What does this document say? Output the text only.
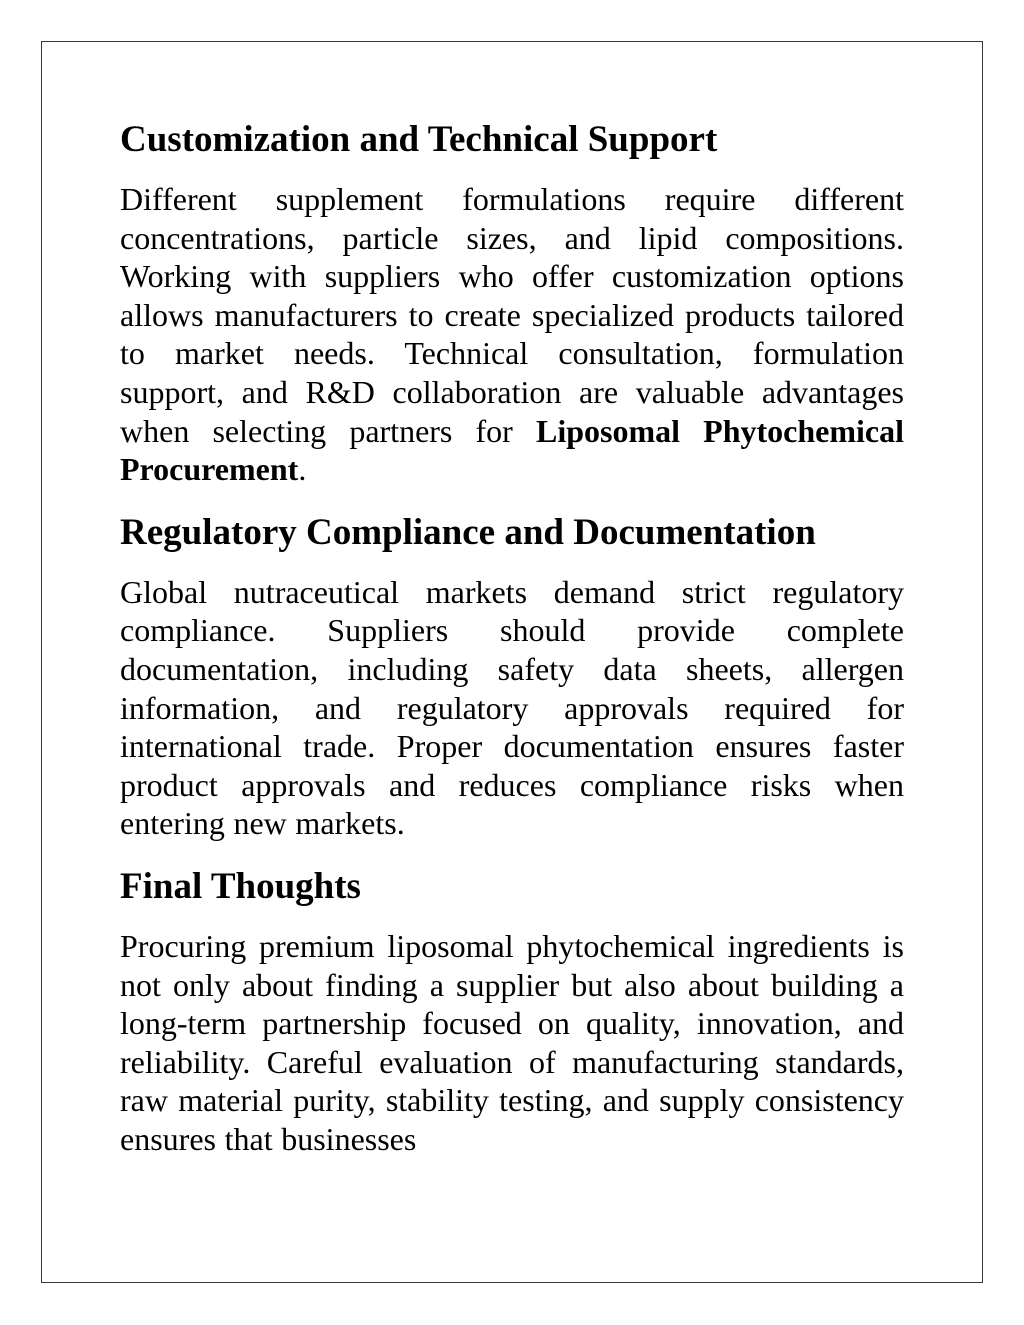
Customization and Technical Support

Different supplement formulations require different concentrations, particle sizes, and lipid compositions. Working with suppliers who offer customization options allows manufacturers to create specialized products tailored to market needs. Technical consultation, formulation support, and R&D collaboration are valuable advantages when selecting partners for Liposomal Phytochemical Procurement.

Regulatory Compliance and Documentation

Global nutraceutical markets demand strict regulatory compliance. Suppliers should provide complete documentation, including safety data sheets, allergen information, and regulatory approvals required for international trade. Proper documentation ensures faster product approvals and reduces compliance risks when entering new markets.

Final Thoughts

Procuring premium liposomal phytochemical ingredients is not only about finding a supplier but also about building a long-term partnership focused on quality, innovation, and reliability. Careful evaluation of manufacturing standards, raw material purity, stability testing, and supply consistency ensures that businesses
